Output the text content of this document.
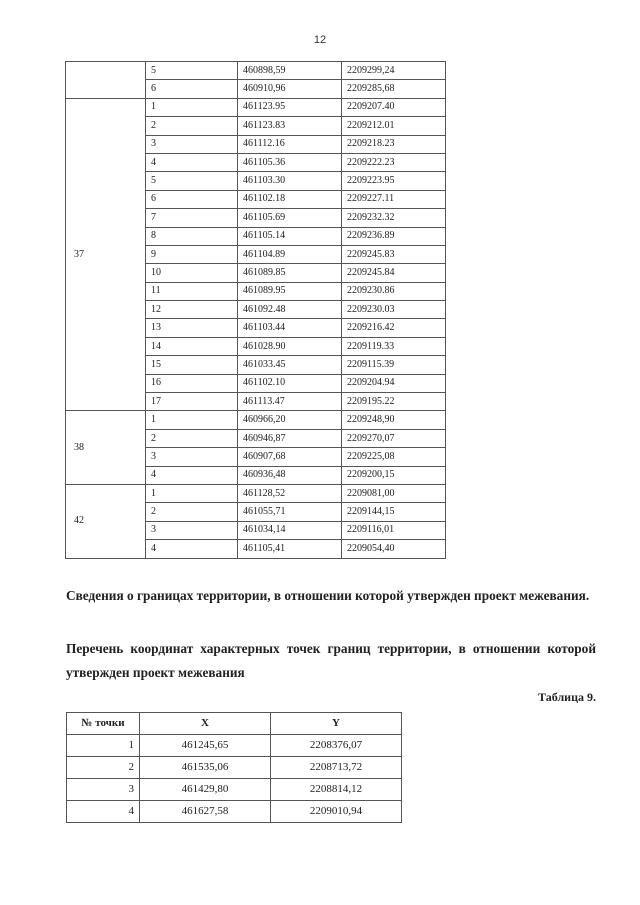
12
	5	460898,59	2209299,24
	6	460910,96	2209285,68
37	1	461123.95	2209207.40
	2	461123.83	2209212.01
	3	461112.16	2209218.23
	4	461105.36	2209222.23
	5	461103.30	2209223.95
	6	461102.18	2209227.11
	7	461105.69	2209232.32
	8	461105.14	2209236.89
	9	461104.89	2209245.83
	10	461089.85	2209245.84
	11	461089.95	2209230.86
	12	461092.48	2209230.03
	13	461103.44	2209216.42
	14	461028.90	2209119.33
	15	461033.45	2209115.39
	16	461102.10	2209204.94
	17	461113.47	2209195.22
38	1	460966,20	2209248,90
	2	460946,87	2209270,07
	3	460907,68	2209225,08
	4	460936,48	2209200,15
42	1	461128,52	2209081,00
	2	461055,71	2209144,15
	3	461034,14	2209116,01
	4	461105,41	2209054,40
Сведения о границах территории, в отношении которой утвержден проект межевания.
Перечень координат характерных точек границ территории, в отношении которой утвержден проект межевания
Таблица 9.
№ точки	X	Y
1	461245,65	2208376,07
2	461535,06	2208713,72
3	461429,80	2208814,12
4	461627,58	2209010,94
